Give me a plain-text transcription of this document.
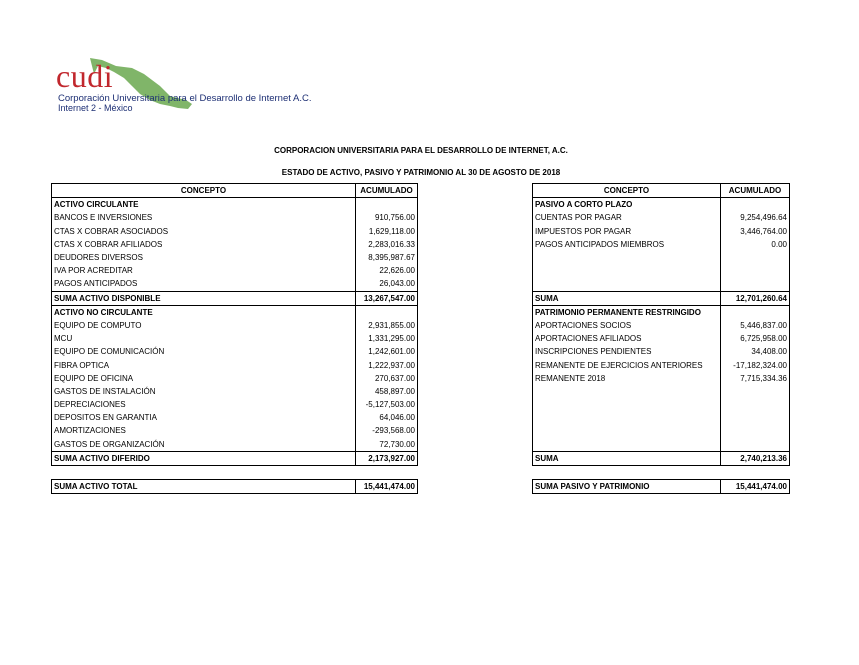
cudi
Corporación Universitaria para el Desarrollo de Internet A.C.
Internet 2 - México
CORPORACION UNIVERSITARIA PARA EL DESARROLLO DE INTERNET, A.C.
ESTADO DE ACTIVO, PASIVO Y PATRIMONIO AL 30 DE AGOSTO DE 2018
CONCEPTO	ACUMULADO
ACTIVO CIRCULANTE	
BANCOS E INVERSIONES	910,756.00
CTAS X COBRAR ASOCIADOS	1,629,118.00
CTAS X COBRAR AFILIADOS	2,283,016.33
DEUDORES DIVERSOS	8,395,987.67
IVA POR ACREDITAR	22,626.00
PAGOS ANTICIPADOS	26,043.00
SUMA ACTIVO DISPONIBLE	13,267,547.00
ACTIVO NO CIRCULANTE	
EQUIPO DE COMPUTO	2,931,855.00
MCU	1,331,295.00
EQUIPO DE COMUNICACIÓN	1,242,601.00
FIBRA OPTICA	1,222,937.00
EQUIPO DE OFICINA	270,637.00
GASTOS DE INSTALACIÓN	458,897.00
DEPRECIACIONES	-5,127,503.00
DEPOSITOS EN GARANTIA	64,046.00
AMORTIZACIONES	-293,568.00
GASTOS DE ORGANIZACIÓN	72,730.00
SUMA ACTIVO DIFERIDO	2,173,927.00

SUMA ACTIVO TOTAL	15,441,474.00
CONCEPTO	ACUMULADO
PASIVO A CORTO PLAZO	
CUENTAS POR PAGAR	9,254,496.64
IMPUESTOS POR PAGAR	3,446,764.00
PAGOS ANTICIPADOS MIEMBROS	0.00

SUMA	12,701,260.64
PATRIMONIO PERMANENTE RESTRINGIDO	
APORTACIONES SOCIOS	5,446,837.00
APORTACIONES AFILIADOS	6,725,958.00
INSCRIPCIONES PENDIENTES	34,408.00
REMANENTE DE EJERCICIOS ANTERIORES	-17,182,324.00
REMANENTE 2018	7,715,334.36

SUMA	2,740,213.36

SUMA PASIVO Y PATRIMONIO	15,441,474.00
